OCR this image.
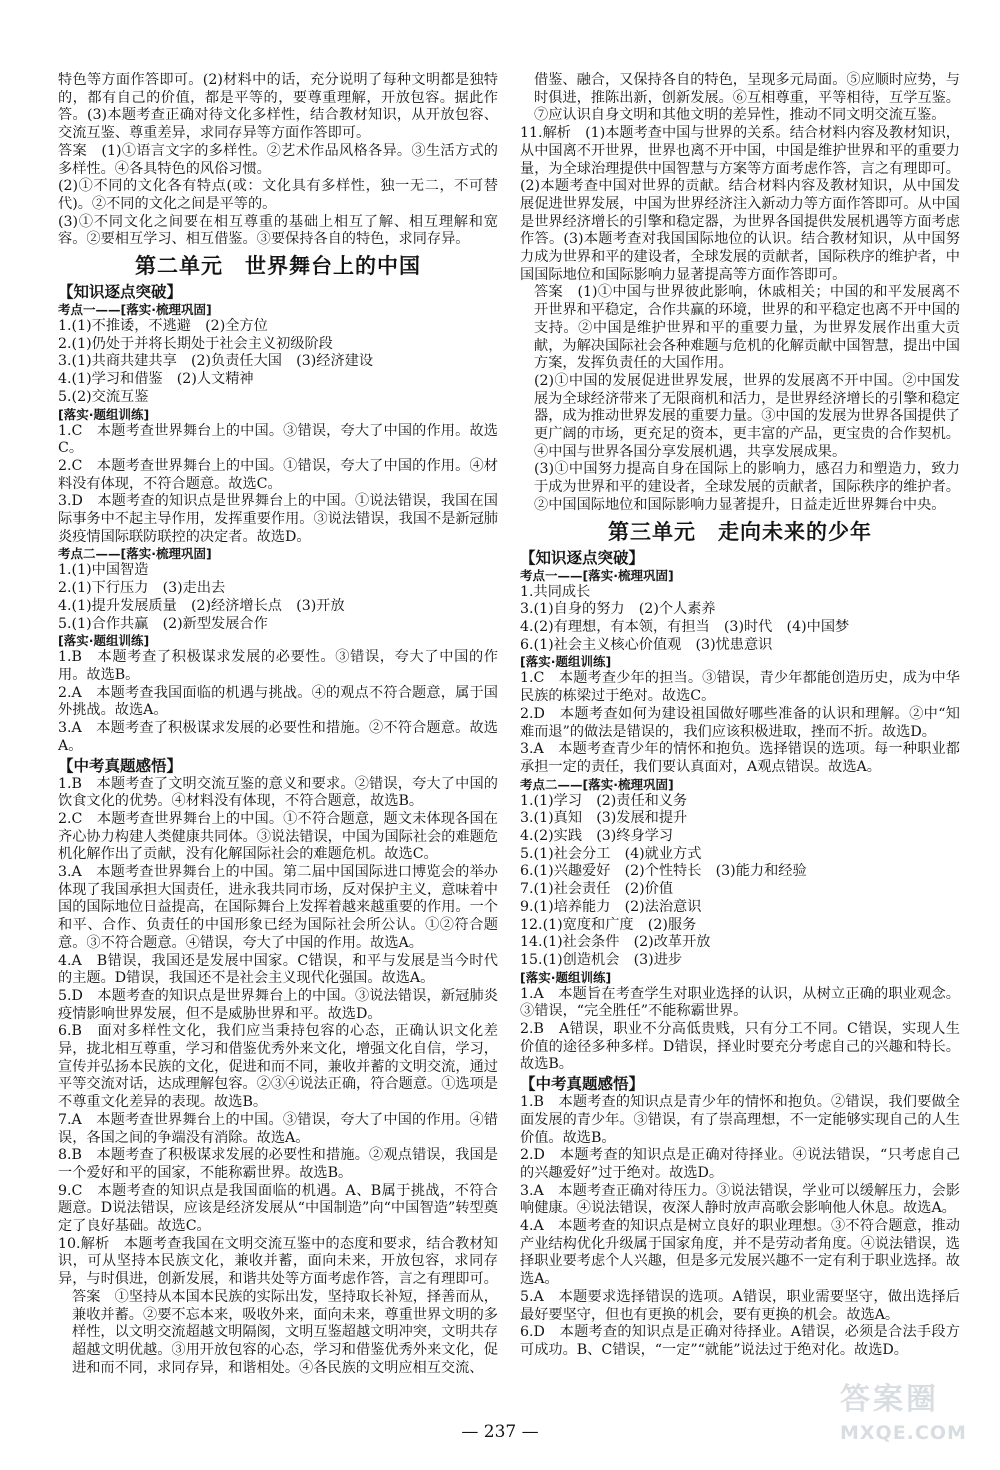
特色等方面作答即可。(2)材料中的话，充分说明了每种文明都是独特的，都有自己的价值，都是平等的，要尊重理解，开放包容。据此作答。(3)本题考查正确对待文化多样性，结合教材知识，从开放包容、交流互鉴、尊重差异，求同存异等方面作答即可。
答案　(1)①语言文字的多样性。②艺术作品风格各异。③生活方式的多样性。④各具特色的风俗习惯。
(2)①不同的文化各有特点(或：文化具有多样性，独一无二，不可替代)。②不同的文化之间是平等的。
(3)①不同文化之间要在相互尊重的基础上相互了解、相互理解和宽容。②要相互学习、相互借鉴。③要保持各自的特色，求同存异。
第二单元　世界舞台上的中国
【知识逐点突破】
考点一——[落实·梳理巩固]
1.(1)不推诿，不逃避　(2)全方位
2.(1)仍处于并将长期处于社会主义初级阶段
3.(1)共商共建共享　(2)负责任大国　(3)经济建设
4.(1)学习和借鉴　(2)人文精神
5.(2)交流互鉴
[落实·题组训练]
1.C　本题考查世界舞台上的中国。③错误，夸大了中国的作用。故选C。
2.C　本题考查世界舞台上的中国。①错误，夸大了中国的作用。④材料没有体现，不符合题意。故选C。
3.D　本题考查的知识点是世界舞台上的中国。①说法错误，我国在国际事务中不起主导作用，发挥重要作用。③说法错误，我国不是新冠肺炎疫情国际联防联控的决定者。故选D。
考点二——[落实·梳理巩固]
1.(1)中国智造
2.(1)下行压力　(3)走出去
4.(1)提升发展质量　(2)经济增长点　(3)开放
5.(1)合作共赢　(2)新型发展合作
[落实·题组训练]
1.B　本题考查了积极谋求发展的必要性。③错误，夸大了中国的作用。故选B。
2.A　本题考查我国面临的机遇与挑战。④的观点不符合题意，属于国外挑战。故选A。
3.A　本题考查了积极谋求发展的必要性和措施。②不符合题意。故选A。
【中考真题感悟】
1.B　本题考查了文明交流互鉴的意义和要求。②错误，夸大了中国的饮食文化的优势。④材料没有体现，不符合题意，故选B。
2.C　本题考查世界舞台上的中国。①不符合题意，题文未体现各国在齐心协力构建人类健康共同体。③说法错误，中国为国际社会的难题危机化解作出了贡献，没有化解国际社会的难题危机。故选C。
3.A　本题考查世界舞台上的中国。第二届中国国际进口博览会的举办体现了我国承担大国责任，进永我共同市场，反对保护主义，意味着中国的国际地位日益提高，在国际舞台上发挥着越来越重要的作用。一个和平、合作、负责任的中国形象已经为国际社会所公认。①②符合题意。③不符合题意。④错误，夸大了中国的作用。故选A。
4.A　B错误，我国还是发展中国家。C错误，和平与发展是当今时代的主题。D错误，我国还不是社会主义现代化强国。故选A。
5.D　本题考查的知识点是世界舞台上的中国。③说法错误，新冠肺炎疫情影响世界发展，但不是威胁世界和平。故选D。
6.B　面对多样性文化，我们应当秉持包容的心态，正确认识文化差异，拢北相互尊重，学习和借鉴优秀外来文化，增强文化自信，学习，宣传并弘扬本民族的文化，促进和而不同，兼收并蓄的文明交流，通过平等交流对话，达成理解包容。②③④说法正确，符合题意。①选项是不尊重文化差异的表现。故选B。
7.A　本题考查世界舞台上的中国。③错误，夸大了中国的作用。④错误，各国之间的争端没有消除。故选A。
8.B　本题考查了积极谋求发展的必要性和措施。②观点错误，我国是一个爱好和平的国家，不能称霸世界。故选B。
9.C　本题考查的知识点是我国面临的机遇。A、B属于挑战，不符合题意。D说法错误，应该是经济发展从“中国制造”向“中国智造”转型奠定了良好基础。故选C。
10.解析　本题考查我国在文明交流互鉴中的态度和要求，结合教材知识，可从坚持本民族文化，兼收并蓄，面向未来，开放包容，求同存异，与时俱进，创新发展，和谐共处等方面考虑作答，言之有理即可。
答案　①坚持从本国本民族的实际出发，坚持取长补短，择善而从，兼收并蓄。②要不忘本来，吸收外来，面向未来，尊重世界文明的多样性，以文明交流超越文明隔阂，文明互鉴超越文明冲突，文明共存超越文明优越。③用开放包容的心态，学习和借鉴优秀外来文化，促进和而不同，求同存异，和谐相处。④各民族的文明应相互交流、
借鉴、融合，又保持各自的特色，呈现多元局面。⑤应顺时应势，与时俱进，推陈出新，创新发展。⑥互相尊重，平等相待，互学互鉴。⑦应认识自身文明和其他文明的差异性，推动不同文明交流互鉴。
11.解析　(1)本题考查中国与世界的关系。结合材料内容及教材知识，从中国离不开世界，世界也离不开中国，中国是维护世界和平的重要力量，为全球治理提供中国智慧与方案等方面考虑作答，言之有理即可。(2)本题考查中国对世界的贡献。结合材料内容及教材知识，从中国发展促进世界发展，中国为世界经济注入新动力等方面作答即可。从中国是世界经济增长的引擎和稳定器，为世界各国提供发展机遇等方面考虑作答。(3)本题考查对我国国际地位的认识。结合教材知识，从中国努力成为世界和平的建设者，全球发展的贡献者，国际秩序的维护者，中国国际地位和国际影响力显著提高等方面作答即可。
答案　(1)①中国与世界彼此影响，休戚相关；中国的和平发展离不开世界和平稳定，合作共赢的环境，世界的和平稳定也离不开中国的支持。②中国是维护世界和平的重要力量，为世界发展作出重大贡献，为解决国际社会各种难题与危机的化解贡献中国智慧，提出中国方案，发挥负责任的大国作用。
(2)①中国的发展促进世界发展，世界的发展离不开中国。②中国发展为全球经济带来了无限商机和活力，是世界经济增长的引擎和稳定器，成为推动世界发展的重要力量。③中国的发展为世界各国提供了更广阔的市场，更充足的资本，更丰富的产品，更宝贵的合作契机。④中国与世界各国分享发展机遇，共享发展成果。
(3)①中国努力提高自身在国际上的影响力，感召力和塑造力，致力于成为世界和平的建设者，全球发展的贡献者，国际秩序的维护者。②中国国际地位和国际影响力显著提升，日益走近世界舞台中央。
第三单元　走向未来的少年
【知识逐点突破】
考点一——[落实·梳理巩固]
1.共同成长
3.(1)自身的努力　(2)个人素养
4.(2)有理想，有本领，有担当　(3)时代　(4)中国梦
6.(1)社会主义核心价值观　(3)忧患意识
[落实·题组训练]
1.C　本题考查少年的担当。③错误，青少年都能创造历史，成为中华民族的栋梁过于绝对。故选C。
2.D　本题考查如何为建设祖国做好哪些准备的认识和理解。②中“知难而退”的做法是错误的，我们应该积极进取，挫而不折。故选D。
3.A　本题考查青少年的情怀和抱负。选择错误的选项。每一种职业都承担一定的责任，我们要认真面对，A观点错误。故选A。
考点二——[落实·梳理巩固]
1.(1)学习　(2)责任和义务
3.(1)真知　(3)发展和提升
4.(2)实践　(3)终身学习
5.(1)社会分工　(4)就业方式
6.(1)兴趣爱好　(2)个性特长　(3)能力和经验
7.(1)社会责任　(2)价值
9.(1)培养能力　(2)法治意识
12.(1)宽度和广度　(2)服务
14.(1)社会条件　(2)改革开放
15.(1)创造机会　(3)进步
[落实·题组训练]
1.A　本题旨在考查学生对职业选择的认识，从树立正确的职业观念。③错误，“完全胜任”不能称霸世界。
2.B　A错误，职业不分高低贵贱，只有分工不同。C错误，实现人生价值的途径多种多样。D错误，择业时要充分考虑自己的兴趣和特长。故选B。
【中考真题感悟】
1.B　本题考查的知识点是青少年的情怀和抱负。②错误，我们要做全面发展的青少年。③错误，有了崇高理想，不一定能够实现自己的人生价值。故选B。
2.D　本题考查的知识点是正确对待择业。④说法错误，“只考虑自己的兴趣爱好”过于绝对。故选D。
3.A　本题考查正确对待压力。③说法错误，学业可以缓解压力，会影响健康。④说法错误，夜深人静时放声高歌会影响他人休息。故选A。
4.A　本题考查的知识点是树立良好的职业理想。③不符合题意，推动产业结构优化升级属于国家角度，并不是劳动者角度。④说法错误，选择职业要考虑个人兴趣，但是多元发展兴趣不一定有利于职业选择。故选A。
5.A　本题要求选择错误的选项。A错误，职业需要坚守，做出选择后最好要坚守，但也有更换的机会，要有更换的机会。故选A。
6.D　本题考查的知识点是正确对待择业。A错误，必须是合法手段方可成功。B、C错误，“一定”“就能”说法过于绝对化。故选D。
— 237 —
答案圈
MXQE.COM
